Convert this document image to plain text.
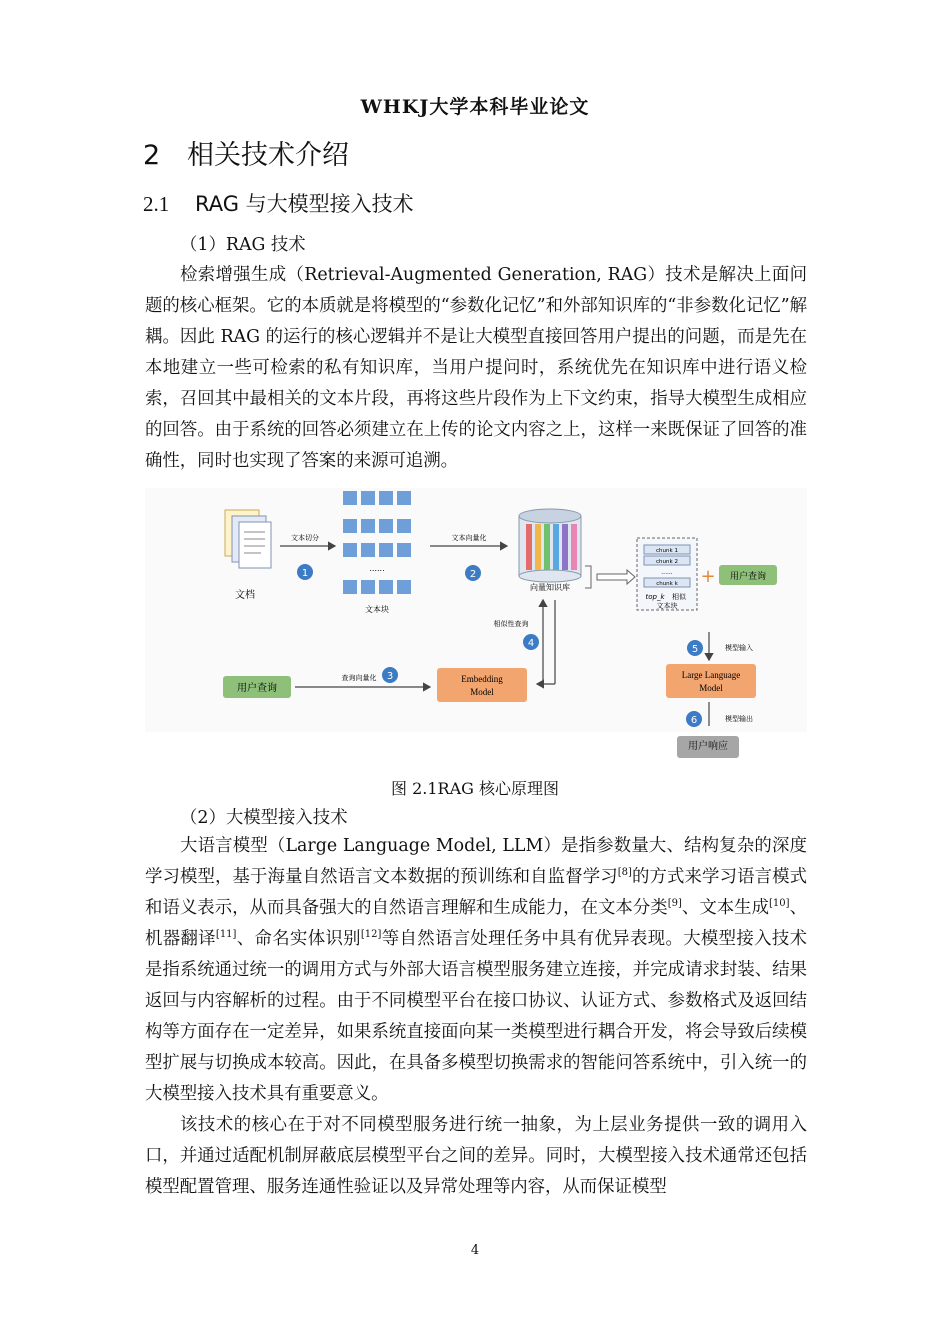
WHKJ大学本科毕业论文
2 相关技术介绍
2.1 RAG 与大模型接入技术
（1）RAG 技术

检索增强生成（Retrieval-Augmented Generation, RAG）技术是解决上面问题的核心框架。它的本质就是将模型的“参数化记忆”和外部知识库的“非参数化记忆”解耦。因此 RAG 的运行的核心逻辑并不是让大模型直接回答用户提出的问题，而是先在本地建立一些可检索的私有知识库，当用户提问时，系统优先在知识库中进行语义检索，召回其中最相关的文本片段，再将这些片段作为上下文约束，指导大模型生成相应的回答。由于系统的回答必须建立在上传的论文内容之上，这样一来既保证了回答的准确性，同时也实现了答案的来源可追溯。

文档
文本切分
1	......
文本块
文本向量化
2
向量知识库
chunk 1
chunk 2
......
chunk k
top_k 相似
文本块
+ 用户查询
相似性查询
4
用户查询
查询向量化 3	Embedding
Model
5	模型输入
Large Language
Model
6	模型输出
用户响应
图 2.1RAG 核心原理图
（2）大模型接入技术

大语言模型（Large Language Model, LLM）是指参数量大、结构复杂的深度学习模型，基于海量自然语言文本数据的预训练和自监督学习[8]的方式来学习语言模式和语义表示，从而具备强大的自然语言理解和生成能力，在文本分类[9]、文本生成[10]、机器翻译[11]、命名实体识别[12]等自然语言处理任务中具有优异表现。大模型接入技术是指系统通过统一的调用方式与外部大语言模型服务建立连接，并完成请求封装、结果返回与内容解析的过程。由于不同模型平台在接口协议、认证方式、参数格式及返回结构等方面存在一定差异，如果系统直接面向某一类模型进行耦合开发，将会导致后续模型扩展与切换成本较高。因此，在具备多模型切换需求的智能问答系统中，引入统一的大模型接入技术具有重要意义。

该技术的核心在于对不同模型服务进行统一抽象，为上层业务提供一致的调用入口，并通过适配机制屏蔽底层模型平台之间的差异。同时，大模型接入技术通常还包括模型配置管理、服务连通性验证以及异常处理等内容，从而保证模型

4
